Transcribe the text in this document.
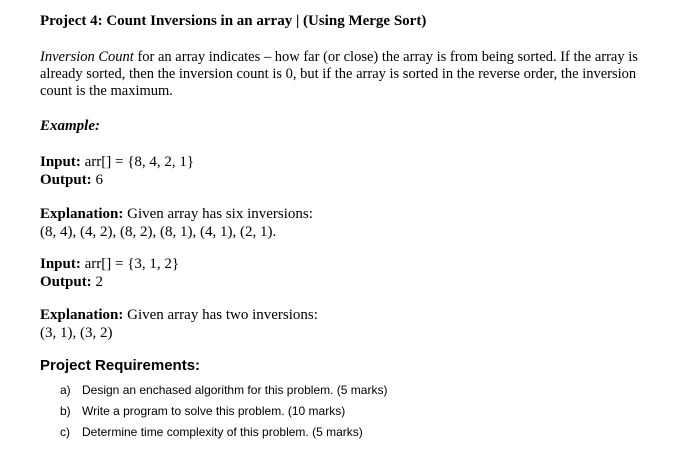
Project 4: Count Inversions in an array | (Using Merge Sort)
Inversion Count for an array indicates – how far (or close) the array is from being sorted. If the array is already sorted, then the inversion count is 0, but if the array is sorted in the reverse order, the inversion count is the maximum.
Example:
Input: arr[] = {8, 4, 2, 1}
Output: 6
Explanation: Given array has six inversions:
(8, 4), (4, 2), (8, 2), (8, 1), (4, 1), (2, 1).
Input: arr[] = {3, 1, 2}
Output: 2
Explanation: Given array has two inversions:
(3, 1), (3, 2)
Project Requirements:
a) Design an enchased algorithm for this problem. (5 marks)
b) Write a program to solve this problem. (10 marks)
c) Determine time complexity of this problem. (5 marks)
